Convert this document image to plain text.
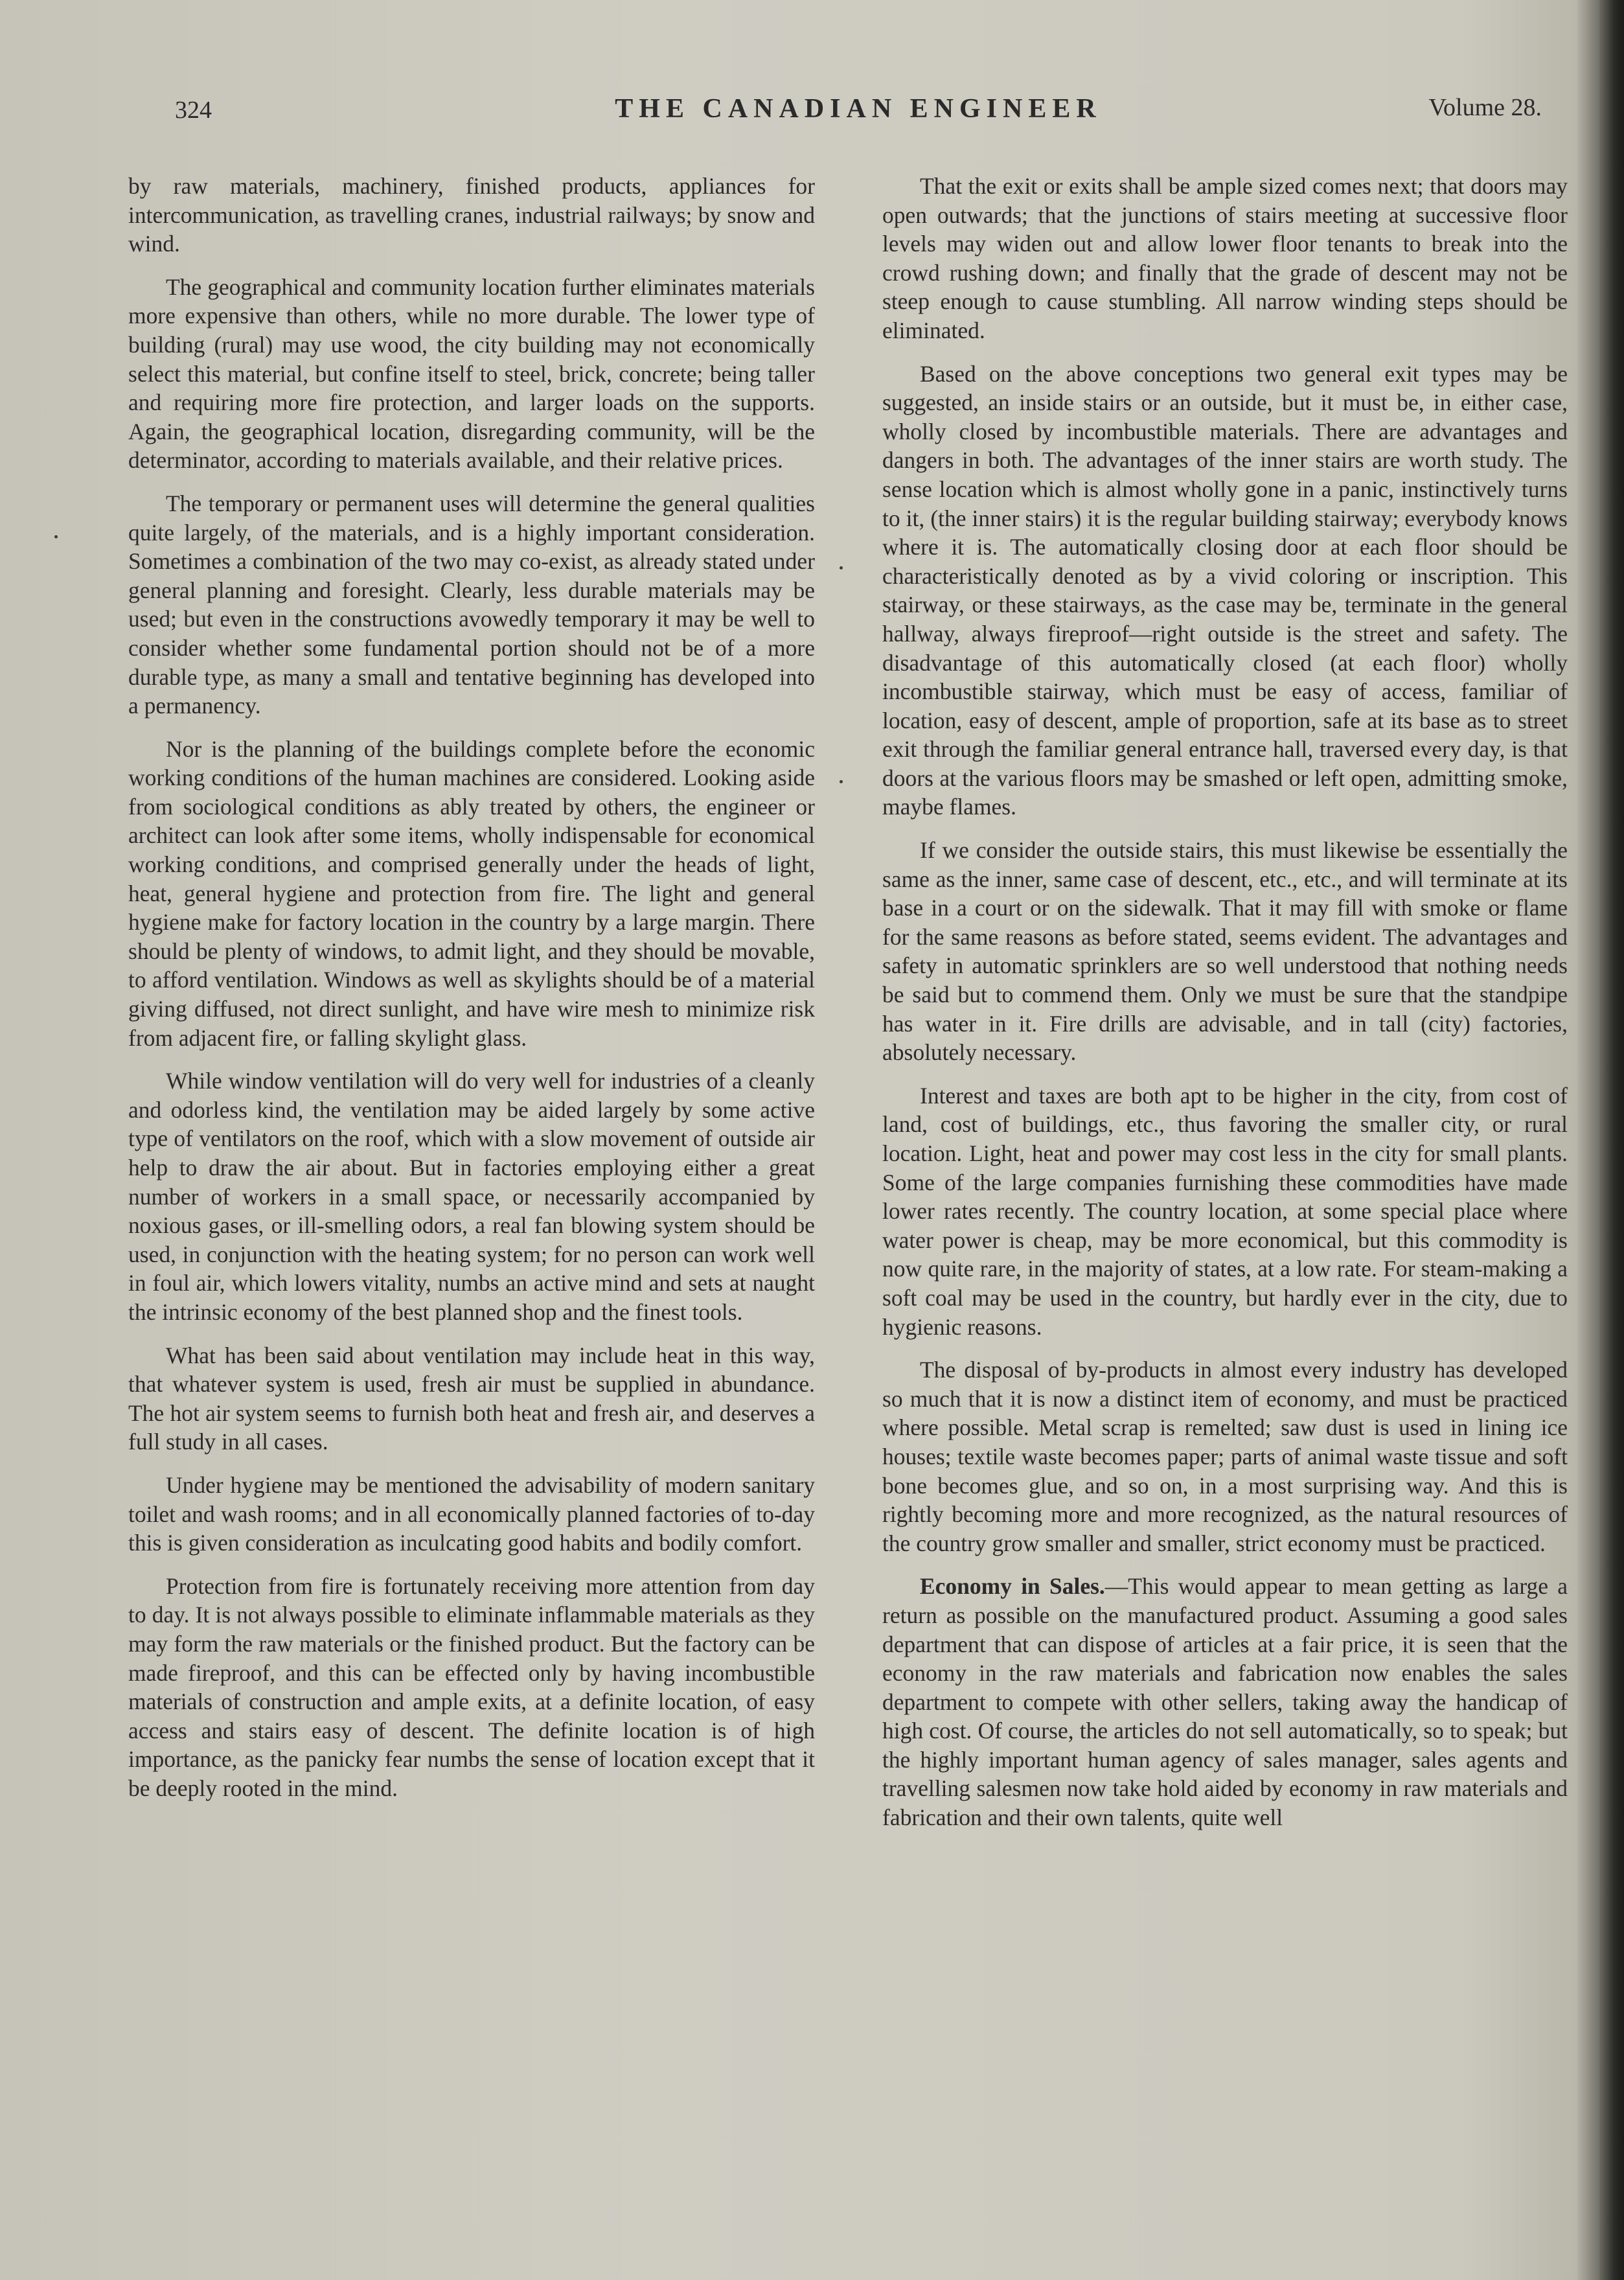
324	THE CANADIAN ENGINEER	Volume 28.

by raw materials, machinery, finished products, appliances for intercommunication, as travelling cranes, industrial railways; by snow and wind.

The geographical and community location further eliminates materials more expensive than others, while no more durable. The lower type of building (rural) may use wood, the city building may not economically select this material, but confine itself to steel, brick, concrete; being taller and requiring more fire protection, and larger loads on the supports. Again, the geographical location, disregarding community, will be the determinator, according to materials available, and their relative prices.

The temporary or permanent uses will determine the general qualities quite largely, of the materials, and is a highly important consideration. Sometimes a combination of the two may co-exist, as already stated under general planning and foresight. Clearly, less durable materials may be used; but even in the constructions avowedly temporary it may be well to consider whether some fundamental portion should not be of a more durable type, as many a small and tentative beginning has developed into a permanency.

Nor is the planning of the buildings complete before the economic working conditions of the human machines are considered. Looking aside from sociological conditions as ably treated by others, the engineer or architect can look after some items, wholly indispensable for economical working conditions, and comprised generally under the heads of light, heat, general hygiene and protection from fire. The light and general hygiene make for factory location in the country by a large margin. There should be plenty of windows, to admit light, and they should be movable, to afford ventilation. Windows as well as skylights should be of a material giving diffused, not direct sunlight, and have wire mesh to minimize risk from adjacent fire, or falling skylight glass.

While window ventilation will do very well for industries of a cleanly and odorless kind, the ventilation may be aided largely by some active type of ventilators on the roof, which with a slow movement of outside air help to draw the air about. But in factories employing either a great number of workers in a small space, or necessarily accompanied by noxious gases, or ill-smelling odors, a real fan blowing system should be used, in conjunction with the heating system; for no person can work well in foul air, which lowers vitality, numbs an active mind and sets at naught the intrinsic economy of the best planned shop and the finest tools.

What has been said about ventilation may include heat in this way, that whatever system is used, fresh air must be supplied in abundance. The hot air system seems to furnish both heat and fresh air, and deserves a full study in all cases.

Under hygiene may be mentioned the advisability of modern sanitary toilet and wash rooms; and in all economically planned factories of to-day this is given consideration as inculcating good habits and bodily comfort.

Protection from fire is fortunately receiving more attention from day to day. It is not always possible to eliminate inflammable materials as they may form the raw materials or the finished product. But the factory can be made fireproof, and this can be effected only by having incombustible materials of construction and ample exits, at a definite location, of easy access and stairs easy of descent. The definite location is of high importance, as the panicky fear numbs the sense of location except that it be deeply rooted in the mind.

That the exit or exits shall be ample sized comes next; that doors may open outwards; that the junctions of stairs meeting at successive floor levels may widen out and allow lower floor tenants to break into the crowd rushing down; and finally that the grade of descent may not be steep enough to cause stumbling. All narrow winding steps should be eliminated.

Based on the above conceptions two general exit types may be suggested, an inside stairs or an outside, but it must be, in either case, wholly closed by incombustible materials. There are advantages and dangers in both. The advantages of the inner stairs are worth study. The sense location which is almost wholly gone in a panic, instinctively turns to it, (the inner stairs) it is the regular building stairway; everybody knows where it is. The automatically closing door at each floor should be characteristically denoted as by a vivid coloring or inscription. This stairway, or these stairways, as the case may be, terminate in the general hallway, always fireproof—right outside is the street and safety. The disadvantage of this automatically closed (at each floor) wholly incombustible stairway, which must be easy of access, familiar of location, easy of descent, ample of proportion, safe at its base as to street exit through the familiar general entrance hall, traversed every day, is that doors at the various floors may be smashed or left open, admitting smoke, maybe flames.

If we consider the outside stairs, this must likewise be essentially the same as the inner, same case of descent, etc., etc., and will terminate at its base in a court or on the sidewalk. That it may fill with smoke or flame for the same reasons as before stated, seems evident. The advantages and safety in automatic sprinklers are so well understood that nothing needs be said but to commend them. Only we must be sure that the standpipe has water in it. Fire drills are advisable, and in tall (city) factories, absolutely necessary.

Interest and taxes are both apt to be higher in the city, from cost of land, cost of buildings, etc., thus favoring the smaller city, or rural location. Light, heat and power may cost less in the city for small plants. Some of the large companies furnishing these commodities have made lower rates recently. The country location, at some special place where water power is cheap, may be more economical, but this commodity is now quite rare, in the majority of states, at a low rate. For steam-making a soft coal may be used in the country, but hardly ever in the city, due to hygienic reasons.

The disposal of by-products in almost every industry has developed so much that it is now a distinct item of economy, and must be practiced where possible. Metal scrap is remelted; saw dust is used in lining ice houses; textile waste becomes paper; parts of animal waste tissue and soft bone becomes glue, and so on, in a most surprising way. And this is rightly becoming more and more recognized, as the natural resources of the country grow smaller and smaller, strict economy must be practiced.

Economy in Sales.—This would appear to mean getting as large a return as possible on the manufactured product. Assuming a good sales department that can dispose of articles at a fair price, it is seen that the economy in the raw materials and fabrication now enables the sales department to compete with other sellers, taking away the handicap of high cost. Of course, the articles do not sell automatically, so to speak; but the highly important human agency of sales manager, sales agents and travelling salesmen now take hold aided by economy in raw materials and fabrication and their own talents, quite well
